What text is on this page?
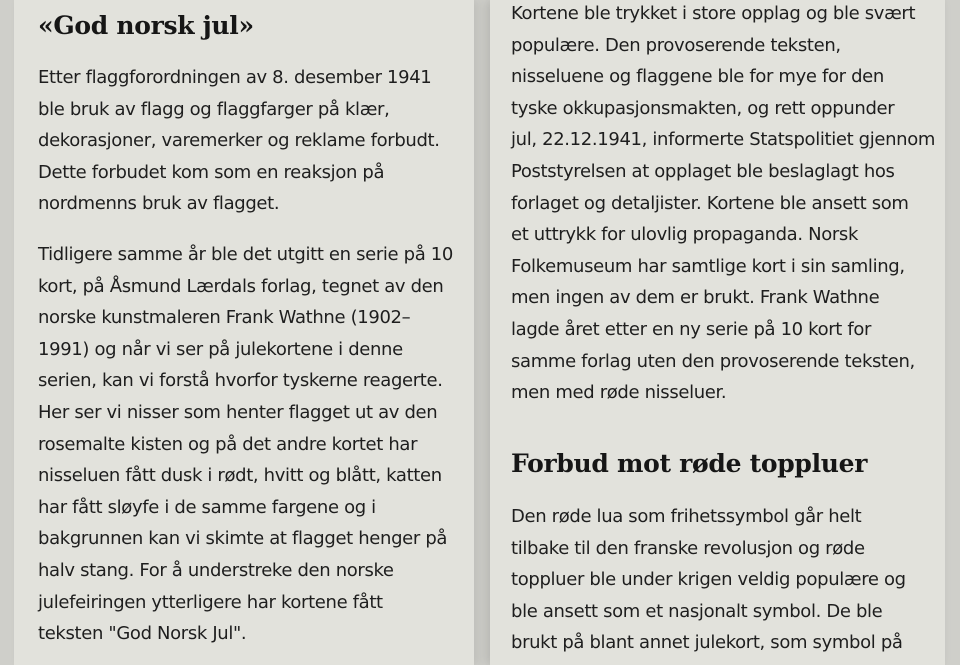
«God norsk jul»

Etter flaggforordningen av 8. desember 1941
ble bruk av flagg og flaggfarger på klær,
dekorasjoner, varemerker og reklame forbudt.
Dette forbudet kom som en reaksjon på
nordmenns bruk av flagget.

Tidligere samme år ble det utgitt en serie på 10
kort, på Åsmund Lærdals forlag, tegnet av den
norske kunstmaleren Frank Wathne (1902–
1991) og når vi ser på julekortene i denne
serien, kan vi forstå hvorfor tyskerne reagerte.
Her ser vi nisser som henter flagget ut av den
rosemalte kisten og på det andre kortet har
nisseluen fått dusk i rødt, hvitt og blått, katten
har fått sløyfe i de samme fargene og i
bakgrunnen kan vi skimte at flagget henger på
halv stang. For å understreke den norske
julefeiringen ytterligere har kortene fått
teksten "God Norsk Jul".

Kortene ble trykket i store opplag og ble svært
populære. Den provoserende teksten,
nisseluene og flaggene ble for mye for den
tyske okkupasjonsmakten, og rett oppunder
jul, 22.12.1941, informerte Statspolitiet gjennom
Poststyrelsen at opplaget ble beslaglagt hos
forlaget og detaljister. Kortene ble ansett som
et uttrykk for ulovlig propaganda. Norsk
Folkemuseum har samtlige kort i sin samling,
men ingen av dem er brukt. Frank Wathne
lagde året etter en ny serie på 10 kort for
samme forlag uten den provoserende teksten,
men med røde nisseluer.

Forbud mot røde toppluer

Den røde lua som frihetssymbol går helt
tilbake til den franske revolusjon og røde
toppluer ble under krigen veldig populære og
ble ansett som et nasjonalt symbol. De ble
brukt på blant annet julekort, som symbol på
